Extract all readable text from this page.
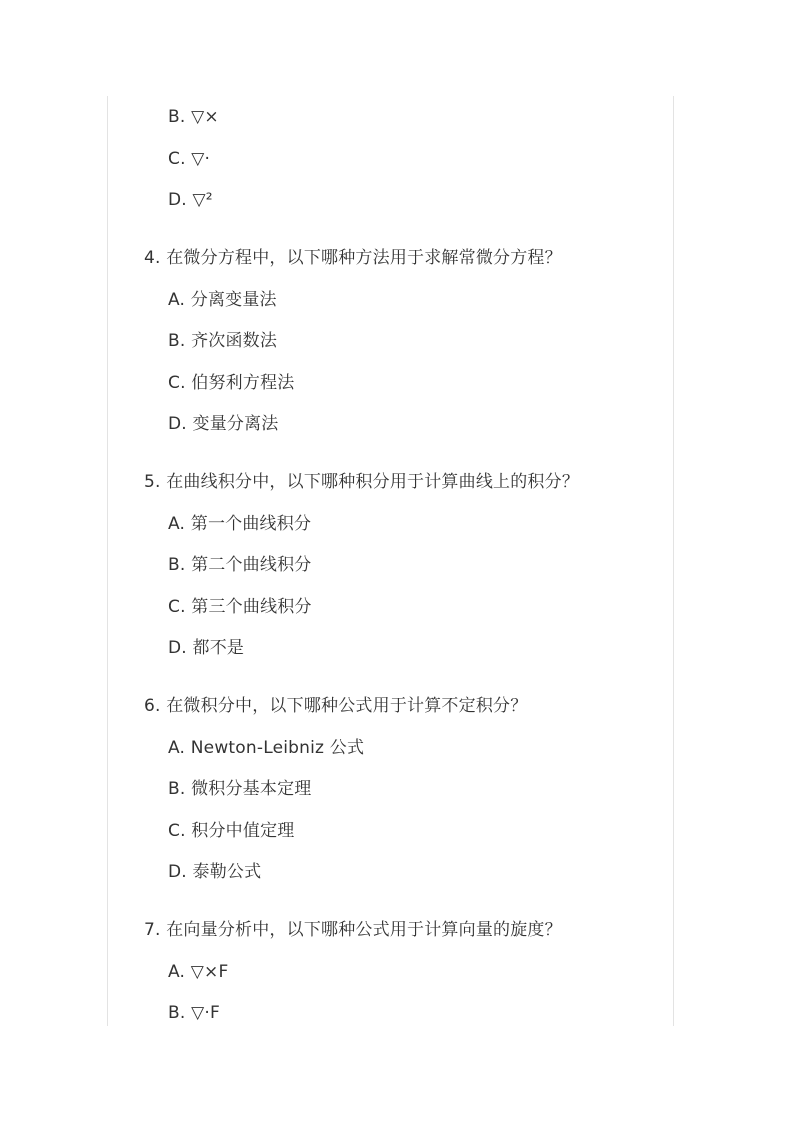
B. ▽×
C. ▽·
D. ▽²
4. 在微分方程中，以下哪种方法用于求解常微分方程？
A. 分离变量法
B. 齐次函数法
C. 伯努利方程法
D. 变量分离法
5. 在曲线积分中，以下哪种积分用于计算曲线上的积分？
A. 第一个曲线积分
B. 第二个曲线积分
C. 第三个曲线积分
D. 都不是
6. 在微积分中，以下哪种公式用于计算不定积分？
A. Newton-Leibniz 公式
B. 微积分基本定理
C. 积分中值定理
D. 泰勒公式
7. 在向量分析中，以下哪种公式用于计算向量的旋度？
A. ▽×F
B. ▽·F
